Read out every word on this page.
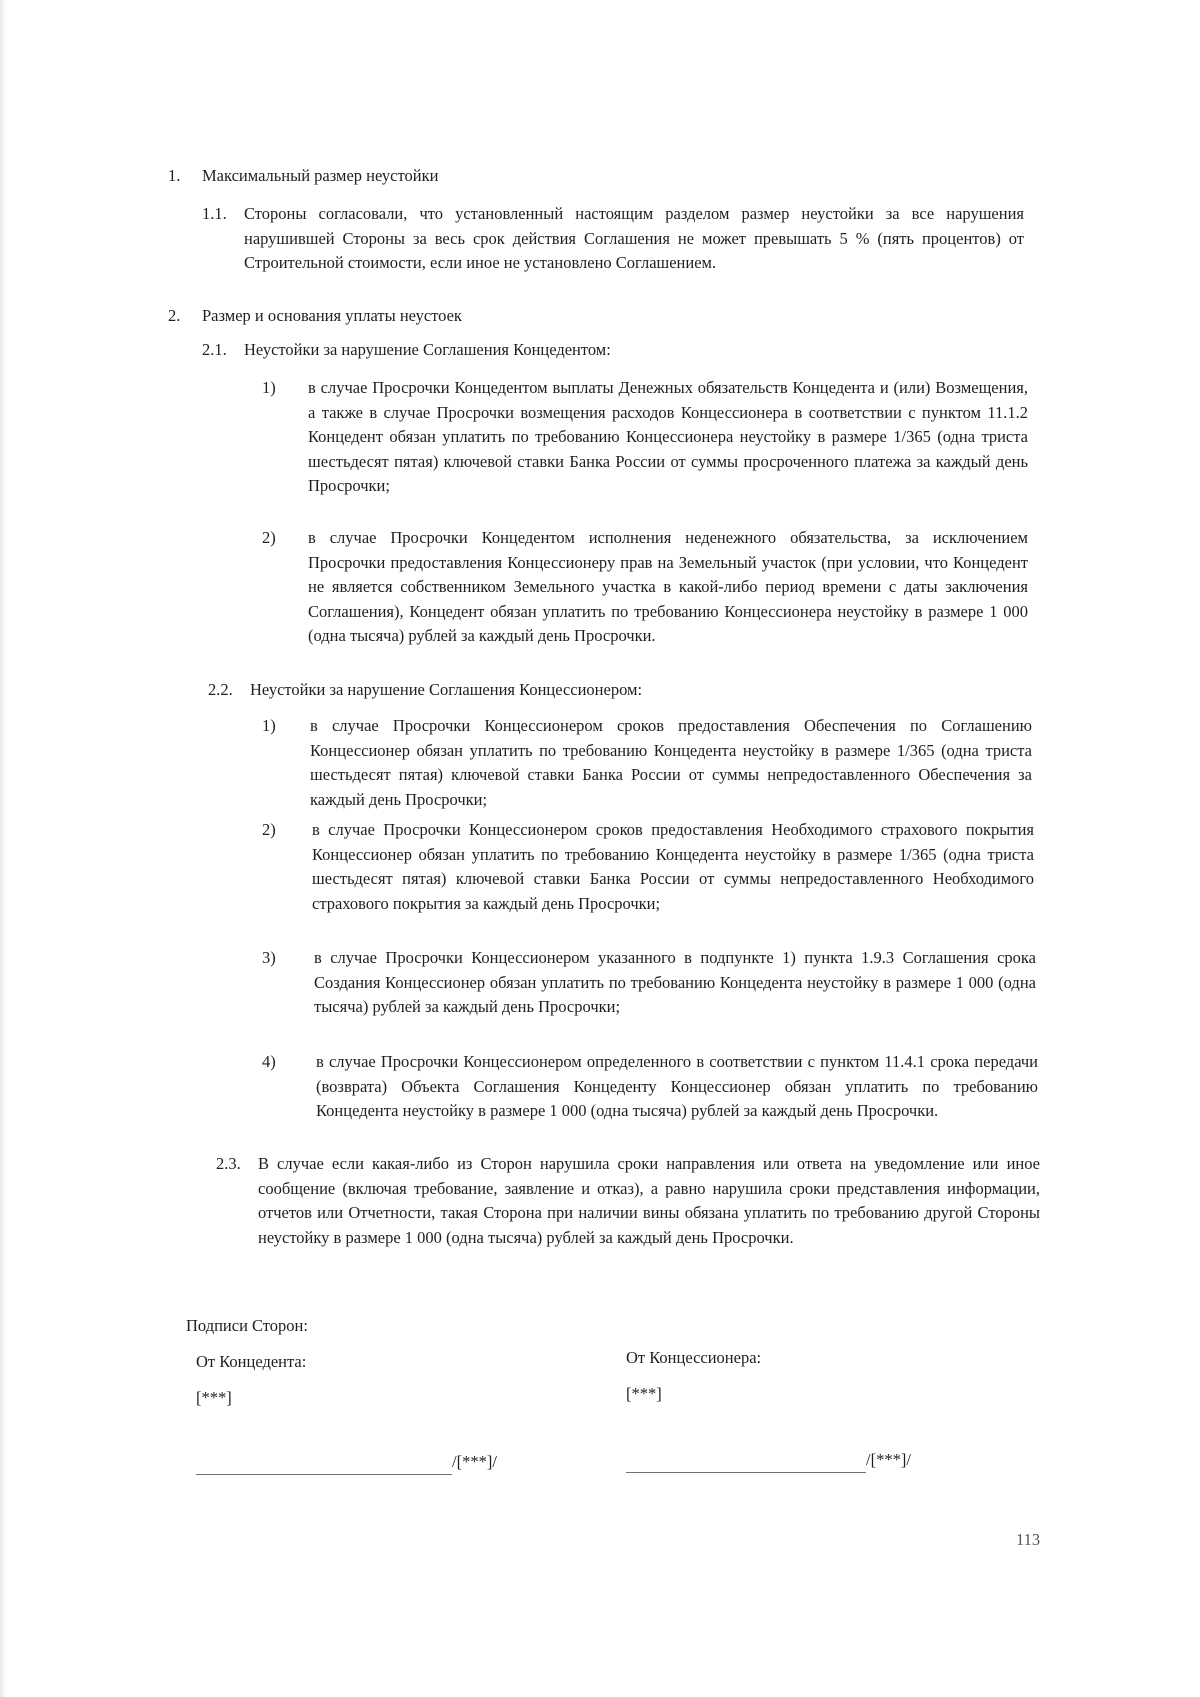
1. Максимальный размер неустойки

1.1. Стороны согласовали, что установленный настоящим разделом размер неустойки за все нарушения нарушившей Стороны за весь срок действия Соглашения не может превышать 5 % (пять процентов) от Строительной стоимости, если иное не установлено Соглашением.

2. Размер и основания уплаты неустоек

2.1. Неустойки за нарушение Соглашения Концедентом:

1) в случае Просрочки Концедентом выплаты Денежных обязательств Концедента и (или) Возмещения, а также в случае Просрочки возмещения расходов Концессионера в соответствии с пунктом 11.1.2 Концедент обязан уплатить по требованию Концессионера неустойку в размере 1/365 (одна триста шестьдесят пятая) ключевой ставки Банка России от суммы просроченного платежа за каждый день Просрочки;

2) в случае Просрочки Концедентом исполнения неденежного обязательства, за исключением Просрочки предоставления Концессионеру прав на Земельный участок (при условии, что Концедент не является собственником Земельного участка в какой-либо период времени с даты заключения Соглашения), Концедент обязан уплатить по требованию Концессионера неустойку в размере 1 000 (одна тысяча) рублей за каждый день Просрочки.

2.2. Неустойки за нарушение Соглашения Концессионером:

1) в случае Просрочки Концессионером сроков предоставления Обеспечения по Соглашению Концессионер обязан уплатить по требованию Концедента неустойку в размере 1/365 (одна триста шестьдесят пятая) ключевой ставки Банка России от суммы непредоставленного Обеспечения за каждый день Просрочки;

2) в случае Просрочки Концессионером сроков предоставления Необходимого страхового покрытия Концессионер обязан уплатить по требованию Концедента неустойку в размере 1/365 (одна триста шестьдесят пятая) ключевой ставки Банка России от суммы непредоставленного Необходимого страхового покрытия за каждый день Просрочки;

3) в случае Просрочки Концессионером указанного в подпункте 1) пункта 1.9.3 Соглашения срока Создания Концессионер обязан уплатить по требованию Концедента неустойку в размере 1 000 (одна тысяча) рублей за каждый день Просрочки;

4) в случае Просрочки Концессионером определенного в соответствии с пунктом 11.4.1 срока передачи (возврата) Объекта Соглашения Концеденту Концессионер обязан уплатить по требованию Концедента неустойку в размере 1 000 (одна тысяча) рублей за каждый день Просрочки.

2.3. В случае если какая-либо из Сторон нарушила сроки направления или ответа на уведомление или иное сообщение (включая требование, заявление и отказ), а равно нарушила сроки представления информации, отчетов или Отчетности, такая Сторона при наличии вины обязана уплатить по требованию другой Стороны неустойку в размере 1 000 (одна тысяча) рублей за каждый день Просрочки.

Подписи Сторон:

От Концедента:

[***]

От Концессионера:

[***]

/[***]/	/[***]/

113
